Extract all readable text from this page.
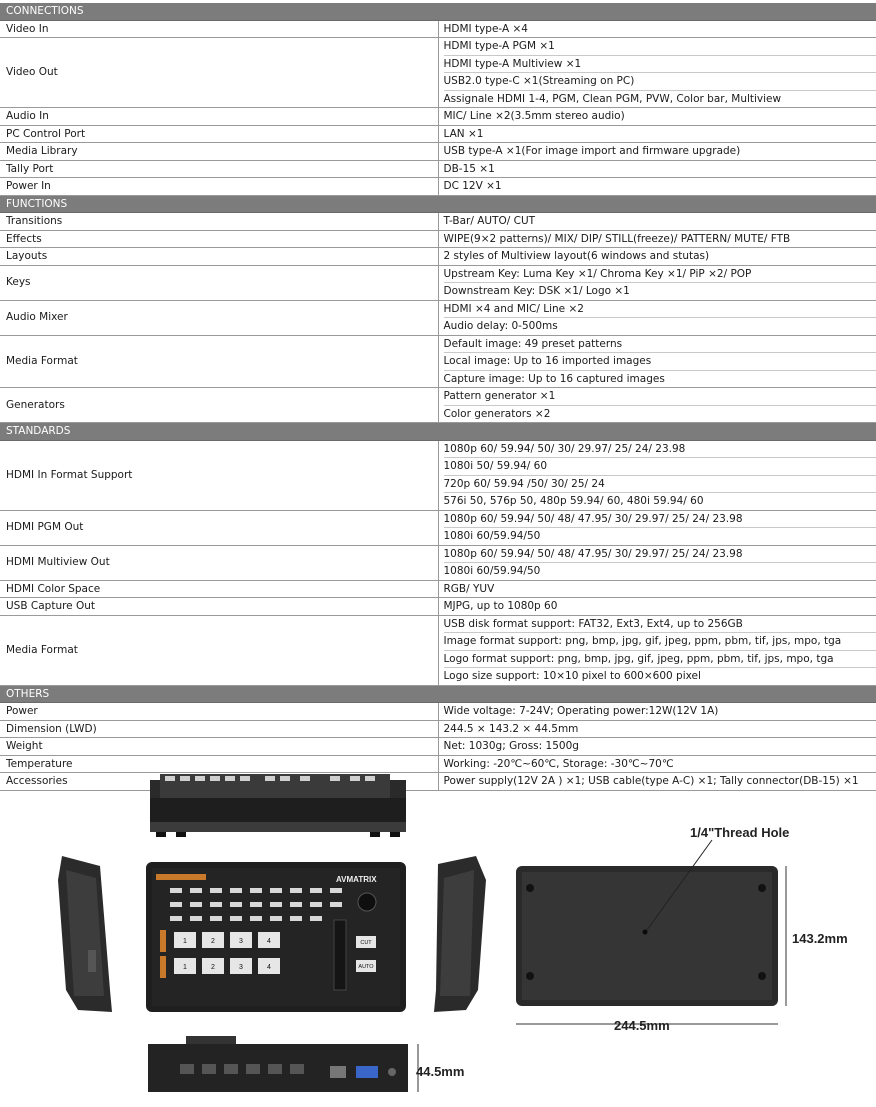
CONNECTIONS	
Video In	HDMI type-A ×4

Video Out	HDMI type-A PGM ×1
HDMI type-A Multiview ×1
USB2.0 type-C ×1(Streaming on PC)
Assignale HDMI 1-4, PGM, Clean PGM, PVW, Color bar, Multiview

Audio In	MIC/ Line ×2(3.5mm stereo audio)

PC Control Port	LAN ×1

Media Library	USB type-A ×1(For image import and firmware upgrade)

Tally Port	DB-15 ×1

Power In	DC 12V ×1

FUNCTIONS	
Transitions	T-Bar/ AUTO/ CUT

Effects	WIPE(9×2 patterns)/ MIX/ DIP/ STILL(freeze)/ PATTERN/ MUTE/ FTB

Layouts	2 styles of Multiview layout(6 windows and stutas)

Keys	Upstream Key: Luma Key ×1/ Chroma Key ×1/ PiP ×2/ POP
Downstream Key: DSK ×1/ Logo ×1

Audio Mixer	HDMI ×4 and MIC/ Line ×2
Audio delay: 0-500ms

Media Format	Default image: 49 preset patterns
Local image: Up to 16 imported images
Capture image: Up to 16 captured images

Generators	Pattern generator ×1
Color generators ×2

STANDARDS	
HDMI In Format Support	1080p 60/ 59.94/ 50/ 30/ 29.97/ 25/ 24/ 23.98
1080i 50/ 59.94/ 60
720p 60/ 59.94 /50/ 30/ 25/ 24
576i 50, 576p 50, 480p 59.94/ 60, 480i 59.94/ 60

HDMI PGM Out	1080p 60/ 59.94/ 50/ 48/ 47.95/ 30/ 29.97/ 25/ 24/ 23.98
1080i 60/59.94/50

HDMI Multiview Out	1080p 60/ 59.94/ 50/ 48/ 47.95/ 30/ 29.97/ 25/ 24/ 23.98
1080i 60/59.94/50

HDMI Color Space	RGB/ YUV

USB Capture Out	MJPG, up to 1080p 60

Media Format	USB disk format support: FAT32, Ext3, Ext4, up to 256GB
Image format support: png, bmp, jpg, gif, jpeg, ppm, pbm, tif, jps, mpo, tga
Logo format support: png, bmp, jpg, gif, jpeg, ppm, pbm, tif, jps, mpo, tga
Logo size support: 10×10 pixel to 600×600 pixel

OTHERS	
Power	Wide voltage: 7-24V; Operating power:12W(12V 1A)

Dimension (LWD)	244.5 × 143.2 × 44.5mm

Weight	Net: 1030g; Gross: 1500g

Temperature	Working: -20℃~60℃, Storage: -30℃~70℃

Accessories	Power supply(12V 2A ) ×1; USB cable(type A-C) ×1; Tally connector(DB-15) ×1
AVMATRIX
1	2	3	4
1	2	3	4
CUT
AUTO
1/4"Thread Hole
143.2mm
244.5mm
44.5mm
